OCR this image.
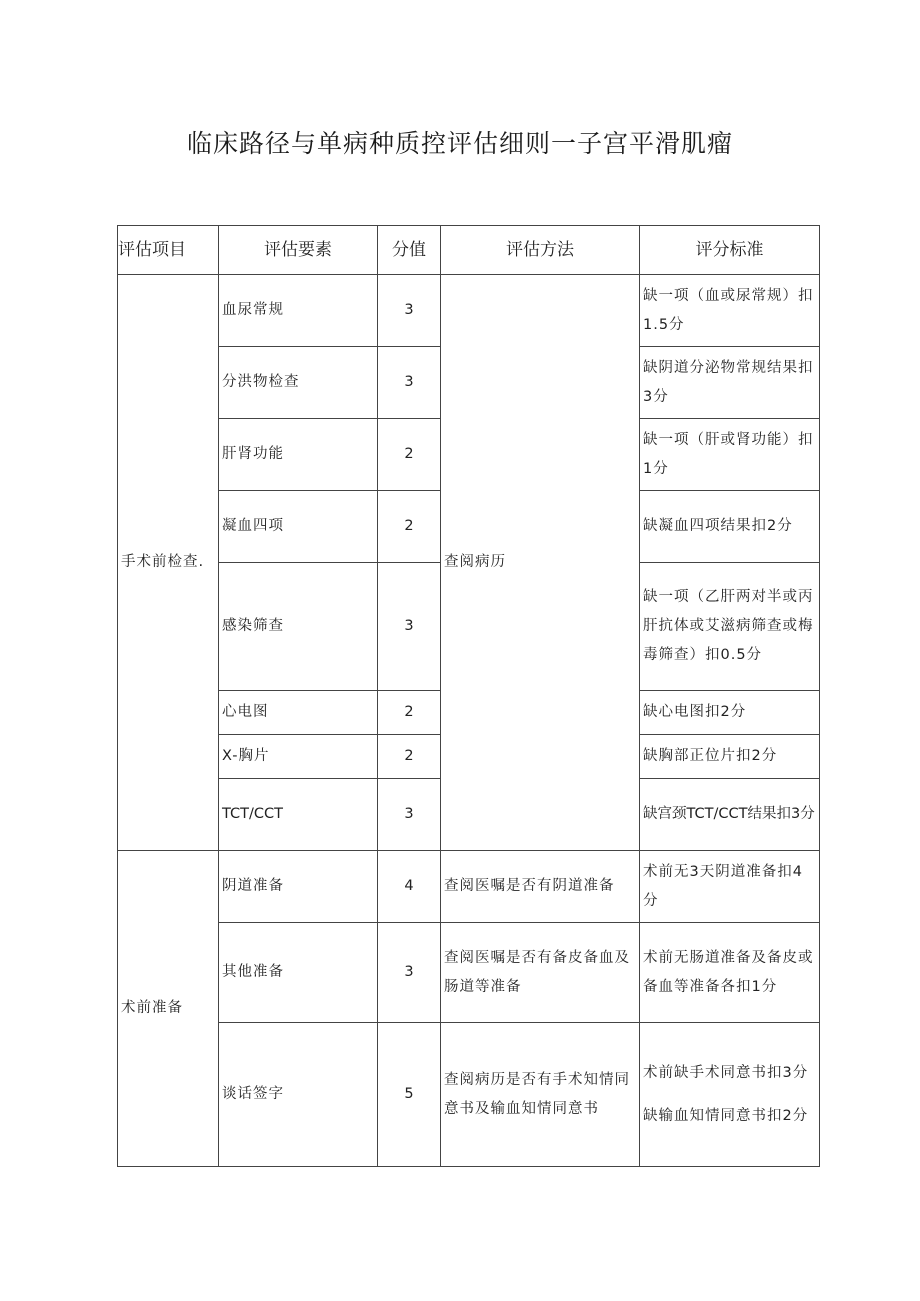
临床路径与单病种质控评估细则一子宫平滑肌瘤
评估项目	评估要素	分值	评估方法	评分标准
手术前检查.	血尿常规	3	查阅病历	缺一项（血或尿常规）扣1.5分
	分洪物检查	3		缺阴道分泌物常规结果扣3分
	肝肾功能	2		缺一项（肝或肾功能）扣1分
	凝血四项	2		缺凝血四项结果扣2分
	感染筛查	3		缺一项（乙肝两对半或丙肝抗体或艾滋病筛查或梅毒筛查）扣0.5分
	心电图	2		缺心电图扣2分
	X-胸片	2		缺胸部正位片扣2分
	TCT/CCT	3		缺宫颈TCT/CCT结果扣3分
术前准备	阴道准备	4	查阅医嘱是否有阴道准备	术前无3天阴道准备扣4分
	其他准备	3	查阅医嘱是否有备皮备血及肠道等准备	术前无肠道准备及备皮或备血等准备各扣1分
	谈话签字	5	查阅病历是否有手术知情同意书及输血知情同意书	术前缺手术同意书扣3分
缺输血知情同意书扣2分
